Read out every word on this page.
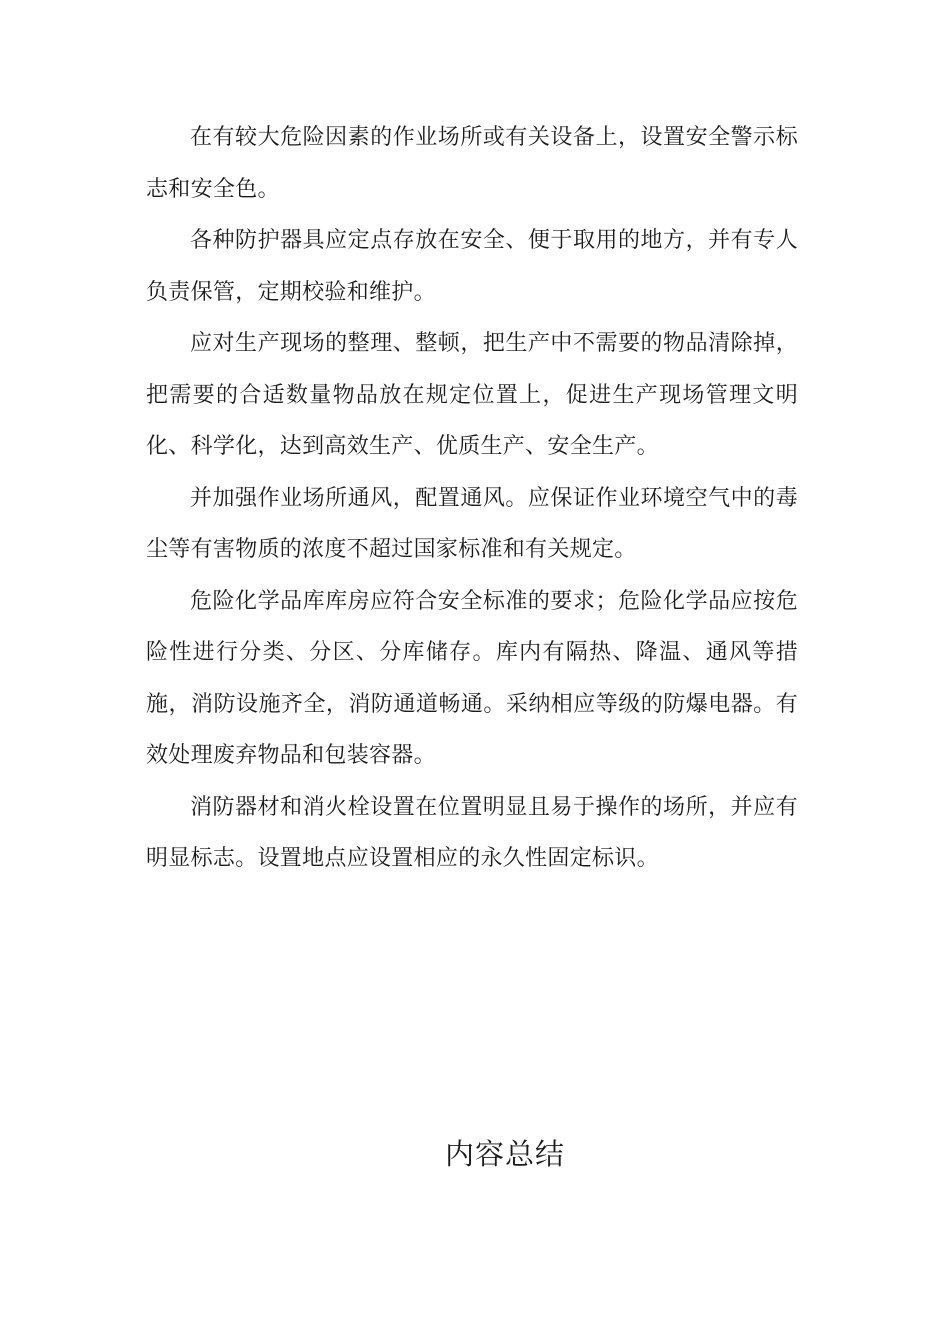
在有较大危险因素的作业场所或有关设备上，设置安全警示标志和安全色。

各种防护器具应定点存放在安全、便于取用的地方，并有专人负责保管，定期校验和维护。

应对生产现场的整理、整顿，把生产中不需要的物品清除掉，把需要的合适数量物品放在规定位置上，促进生产现场管理文明化、科学化，达到高效生产、优质生产、安全生产。

并加强作业场所通风，配置通风。应保证作业环境空气中的毒尘等有害物质的浓度不超过国家标准和有关规定。

危险化学品库库房应符合安全标准的要求；危险化学品应按危险性进行分类、分区、分库储存。库内有隔热、降温、通风等措施，消防设施齐全，消防通道畅通。采纳相应等级的防爆电器。有效处理废弃物品和包装容器。

消防器材和消火栓设置在位置明显且易于操作的场所，并应有明显标志。设置地点应设置相应的永久性固定标识。

内容总结
